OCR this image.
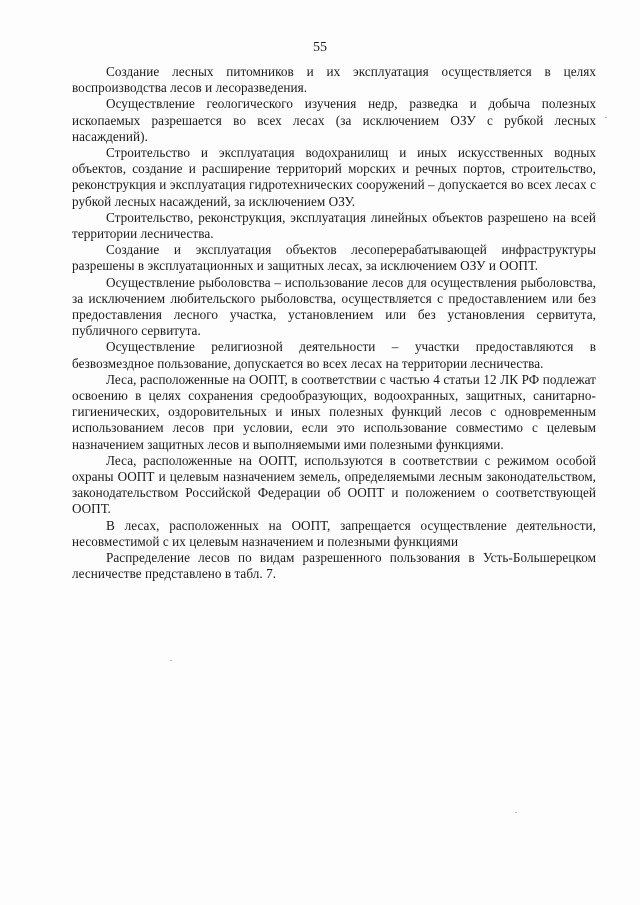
55

Создание лесных питомников и их эксплуатация осуществляется в целях воспроизводства лесов и лесоразведения.

Осуществление геологического изучения недр, разведка и добыча полезных ископаемых разрешается во всех лесах (за исключением ОЗУ с рубкой лесных насаждений).

Строительство и эксплуатация водохранилищ и иных искусственных водных объектов, создание и расширение территорий морских и речных портов, строительство, реконструкция и эксплуатация гидротехнических сооружений – допускается во всех лесах с рубкой лесных насаждений, за исключением ОЗУ.

Строительство, реконструкция, эксплуатация линейных объектов разрешено на всей территории лесничества.

Создание и эксплуатация объектов лесоперерабатывающей инфраструктуры разрешены в эксплуатационных и защитных лесах, за исключением ОЗУ и ООПТ.

Осуществление рыболовства – использование лесов для осуществления рыболовства, за исключением любительского рыболовства, осуществляется с предоставлением или без предоставления лесного участка, установлением или без установления сервитута, публичного сервитута.

Осуществление религиозной деятельности – участки предоставляются в безвозмездное пользование, допускается во всех лесах на территории лесничества.

Леса, расположенные на ООПТ, в соответствии с частью 4 статьи 12 ЛК РФ подлежат освоению в целях сохранения средообразующих, водоохранных, защитных, санитарно-гигиенических, оздоровительных и иных полезных функций лесов с одновременным использованием лесов при условии, если это использование совместимо с целевым назначением защитных лесов и выполняемыми ими полезными функциями.

Леса, расположенные на ООПТ, используются в соответствии с режимом особой охраны ООПТ и целевым назначением земель, определяемыми лесным законодательством, законодательством Российской Федерации об ООПТ и положением о соответствующей ООПТ.

В лесах, расположенных на ООПТ, запрещается осуществление деятельности, несовместимой с их целевым назначением и полезными функциями

Распределение лесов по видам разрешенного пользования в Усть-Большерецком лесничестве представлено в табл. 7.
